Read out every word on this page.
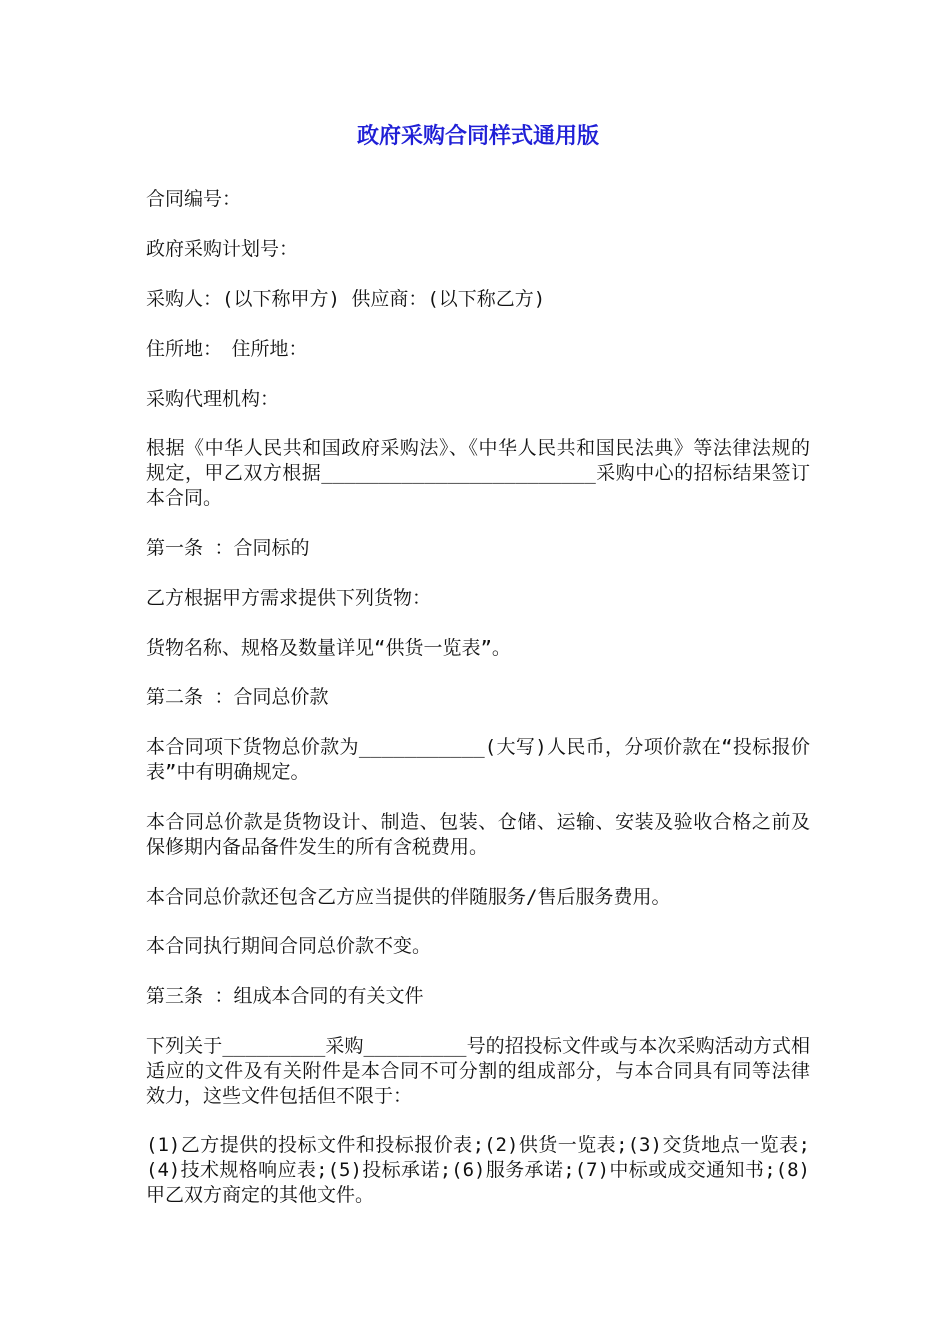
政府采购合同样式通用版

合同编号：

政府采购计划号：

采购人：(以下称甲方) 供应商：(以下称乙方)

住所地：　住所地：

采购代理机构：

根据《中华人民共和国政府采购法》、《中华人民共和国民法典》等法律法规的规定，甲乙双方根据________________________采购中心的招标结果签订本合同。

第一条 ：合同标的

乙方根据甲方需求提供下列货物：

货物名称、规格及数量详见“供货一览表”。

第二条 ：合同总价款

本合同项下货物总价款为___________(大写)人民币，分项价款在“投标报价表”中有明确规定。

本合同总价款是货物设计、制造、包装、仓储、运输、安装及验收合格之前及保修期内备品备件发生的所有含税费用。

本合同总价款还包含乙方应当提供的伴随服务/售后服务费用。

本合同执行期间合同总价款不变。

第三条 ：组成本合同的有关文件

下列关于_________采购_________号的招投标文件或与本次采购活动方式相适应的文件及有关附件是本合同不可分割的组成部分，与本合同具有同等法律效力，这些文件包括但不限于：

(1)乙方提供的投标文件和投标报价表;(2)供货一览表;(3)交货地点一览表;(4)技术规格响应表;(5)投标承诺;(6)服务承诺;(7)中标或成交通知书;(8)甲乙双方商定的其他文件。
